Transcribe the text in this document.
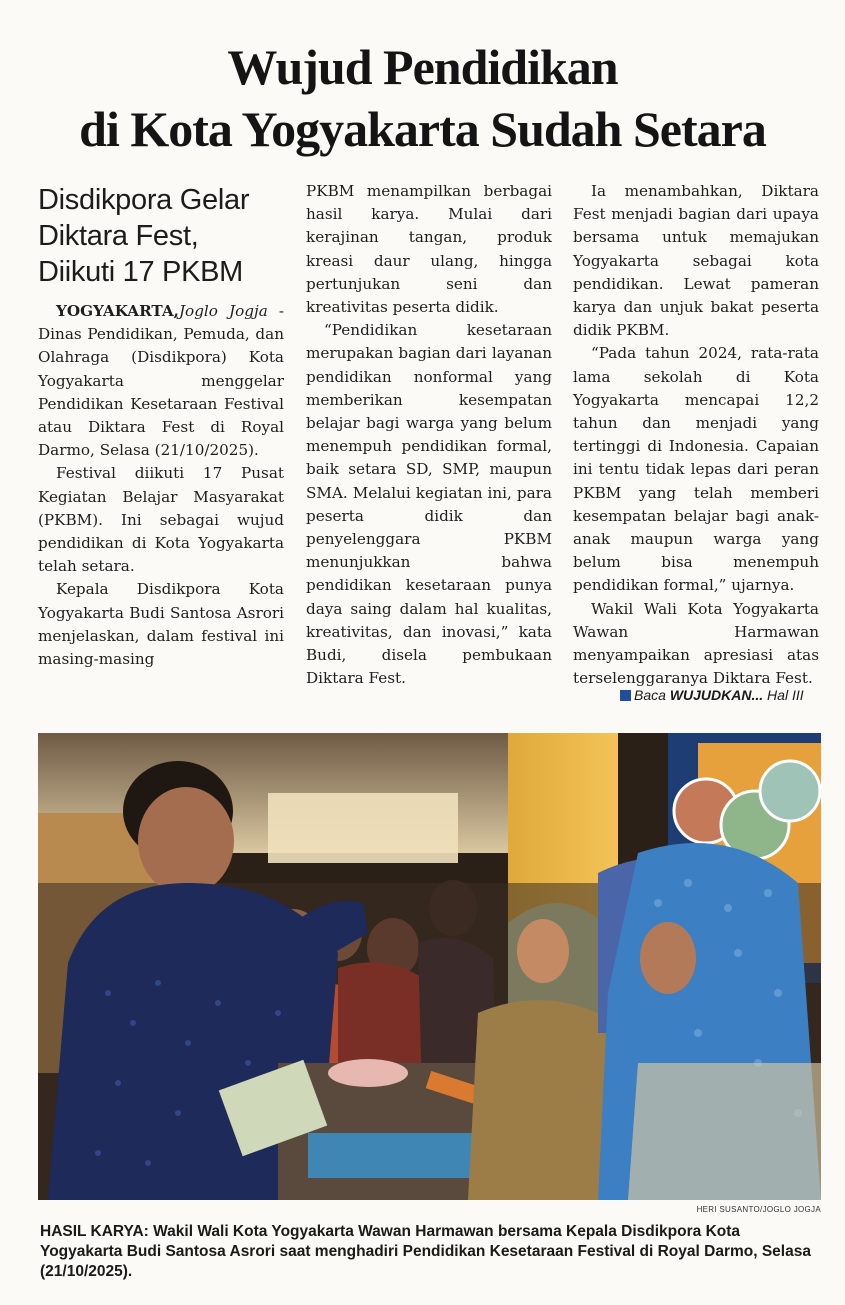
Wujud Pendidikan
di Kota Yogyakarta Sudah Setara
Disdikpora Gelar
Diktara Fest,
Diikuti 17 PKBM

YOGYAKARTA,Joglo Jogja - Dinas Pendidikan, Pemuda, dan Olahraga (Disdikpora) Kota Yogyakarta menggelar Pendidikan Kesetaraan Festival atau Diktara Fest di Royal Darmo, Selasa (21/10/2025).

Festival diikuti 17 Pusat Kegiatan Belajar Masyarakat (PKBM). Ini sebagai wujud pendidikan di Kota Yogyakarta telah setara.

Kepala Disdikpora Kota Yogyakarta Budi Santosa Asrori menjelaskan, dalam festival ini masing-masing

PKBM menampilkan berbagai hasil karya. Mulai dari kerajinan tangan, produk kreasi daur ulang, hingga pertunjukan seni dan kreativitas peserta didik.

“Pendidikan kesetaraan merupakan bagian dari layanan pendidikan nonformal yang memberikan kesempatan belajar bagi warga yang belum menempuh pendidikan formal, baik setara SD, SMP, maupun SMA. Melalui kegiatan ini, para peserta didik dan penyelenggara PKBM menunjukkan bahwa pendidikan kesetaraan punya daya saing dalam hal kualitas, kreativitas, dan inovasi,” kata Budi, disela pembukaan Diktara Fest.

Ia menambahkan, Diktara Fest menjadi bagian dari upaya bersama untuk memajukan Yogyakarta sebagai kota pendidikan. Lewat pameran karya dan unjuk bakat peserta didik PKBM.

“Pada tahun 2024, rata-rata lama sekolah di Kota Yogyakarta mencapai 12,2 tahun dan menjadi yang tertinggi di Indonesia. Capaian ini tentu tidak lepas dari peran PKBM yang telah memberi kesempatan belajar bagi anak-anak maupun warga yang belum bisa menempuh pendidikan formal,” ujarnya.

Wakil Wali Kota Yogyakarta Wawan Harmawan menyampaikan apresiasi atas terselenggaranya Diktara Fest.

Baca WUJUDKAN... Hal III
HERI SUSANTO/JOGLO JOGJA
HASIL KARYA: Wakil Wali Kota Yogyakarta Wawan Harmawan bersama Kepala Disdikpora Kota Yogyakarta Budi Santosa Asrori saat menghadiri Pendidikan Kesetaraan Festival di Royal Darmo, Selasa (21/10/2025).
